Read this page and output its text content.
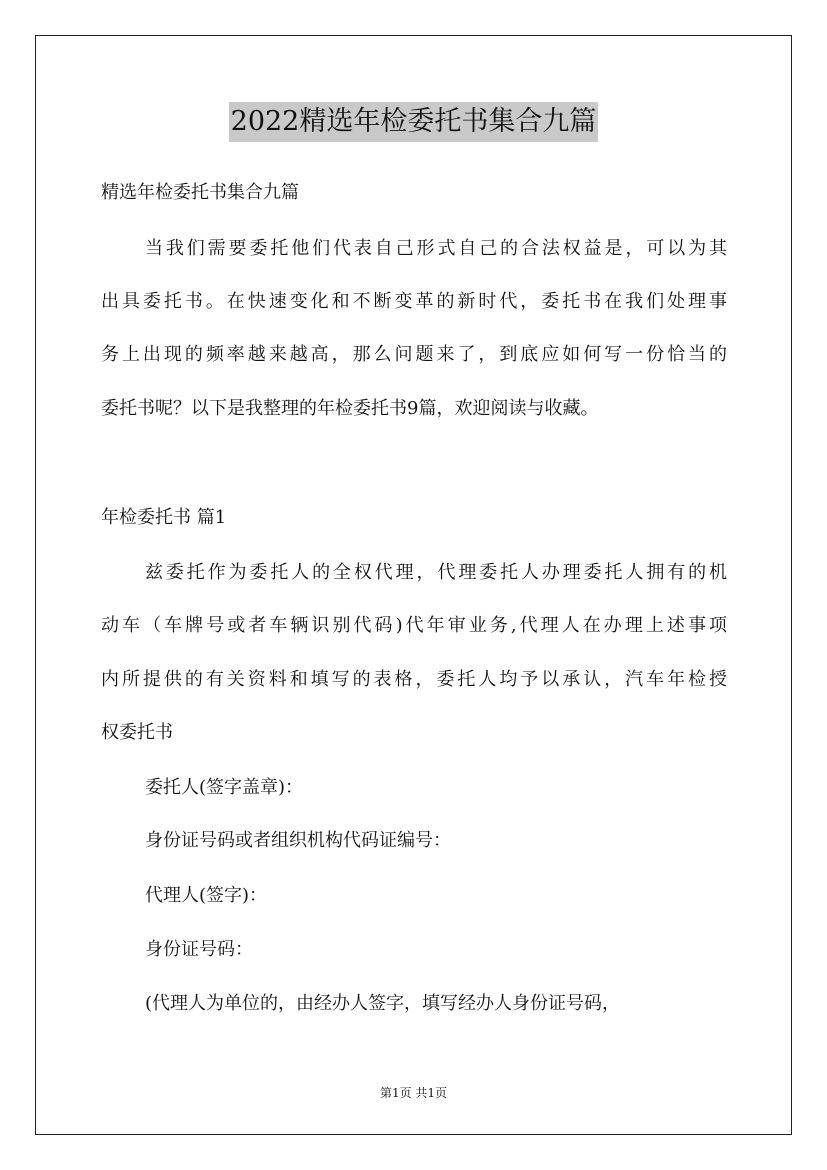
2022精选年检委托书集合九篇
精选年检委托书集合九篇
当我们需要委托他们代表自己形式自己的合法权益是，可以为其
出具委托书。在快速变化和不断变革的新时代，委托书在我们处理事
务上出现的频率越来越高，那么问题来了，到底应如何写一份恰当的
委托书呢？以下是我整理的年检委托书9篇，欢迎阅读与收藏。
年检委托书 篇1
兹委托作为委托人的全权代理，代理委托人办理委托人拥有的机
动车（车牌号或者车辆识别代码)代年审业务,代理人在办理上述事项
内所提供的有关资料和填写的表格，委托人均予以承认，汽车年检授
权委托书
委托人(签字盖章)：
身份证号码或者组织机构代码证编号：
代理人(签字)：
身份证号码：
(代理人为单位的，由经办人签字，填写经办人身份证号码，
第1页 共1页
